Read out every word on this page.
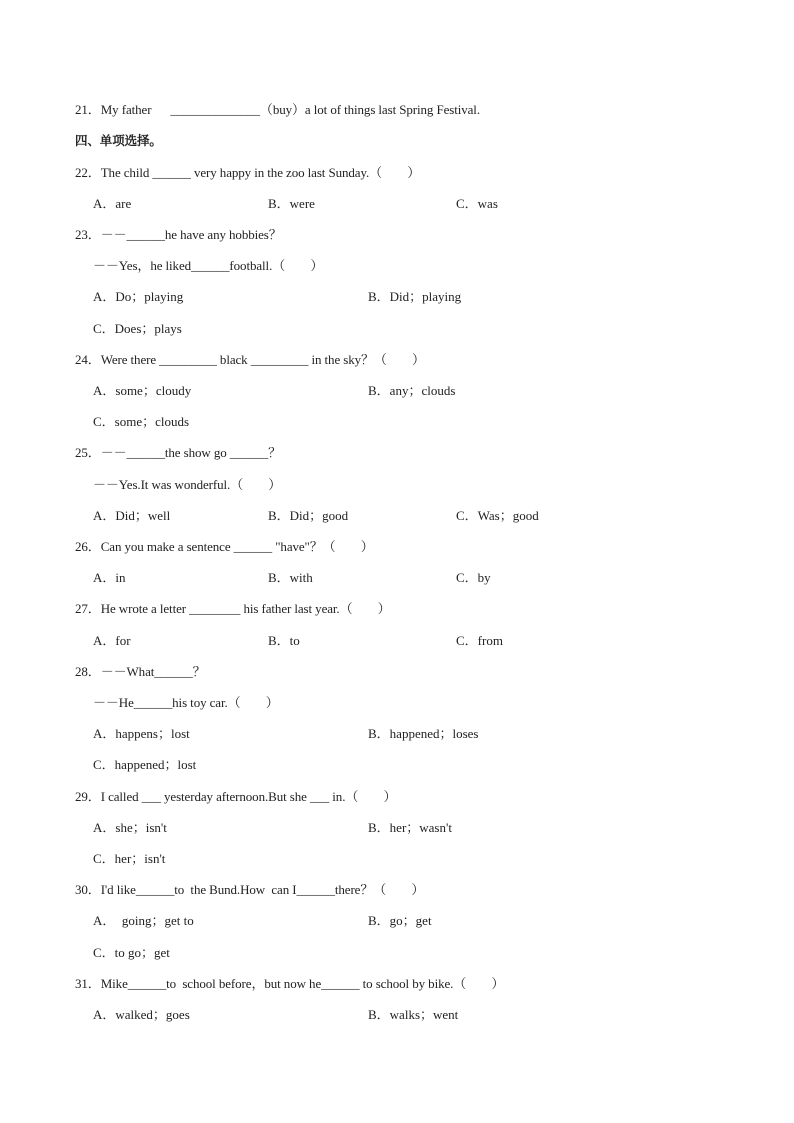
21．My father      ______________（buy）a lot of things last Spring Festival.
四、单项选择。
22．The child ______ very happy in the zoo last Sunday.（        ）
A．are	B．were	C．was
23．－－______he have any hobbies？
－－Yes，he liked______football.（        ）
A．Do；playing	B．Did；playing
C．Does；plays
24．Were there _________ black _________ in the sky？（        ）
A．some；cloudy	B．any；clouds
C．some；clouds
25．－－______the show go ______？
－－Yes.It was wonderful.（        ）
A．Did；well	B．Did；good	C．Was；good
26．Can you make a sentence ______ "have"？（        ）
A．in	B．with	C．by
27．He wrote a letter ________ his father last year.（        ）
A．for	B．to	C．from
28．－－What______？
－－He______his toy car.（        ）
A．happens；lost	B．happened；loses
C．happened；lost
29．I called ___ yesterday afternoon.But she ___ in.（        ）
A．she；isn't	B．her；wasn't
C．her；isn't
30．I'd like______to  the Bund.How  can I______there？（        ）
A．  going；get to	B．go；get
C．to go；get
31．Mike______to  school before，but now he______ to school by bike.（        ）
A．walked；goes	B．walks；went
